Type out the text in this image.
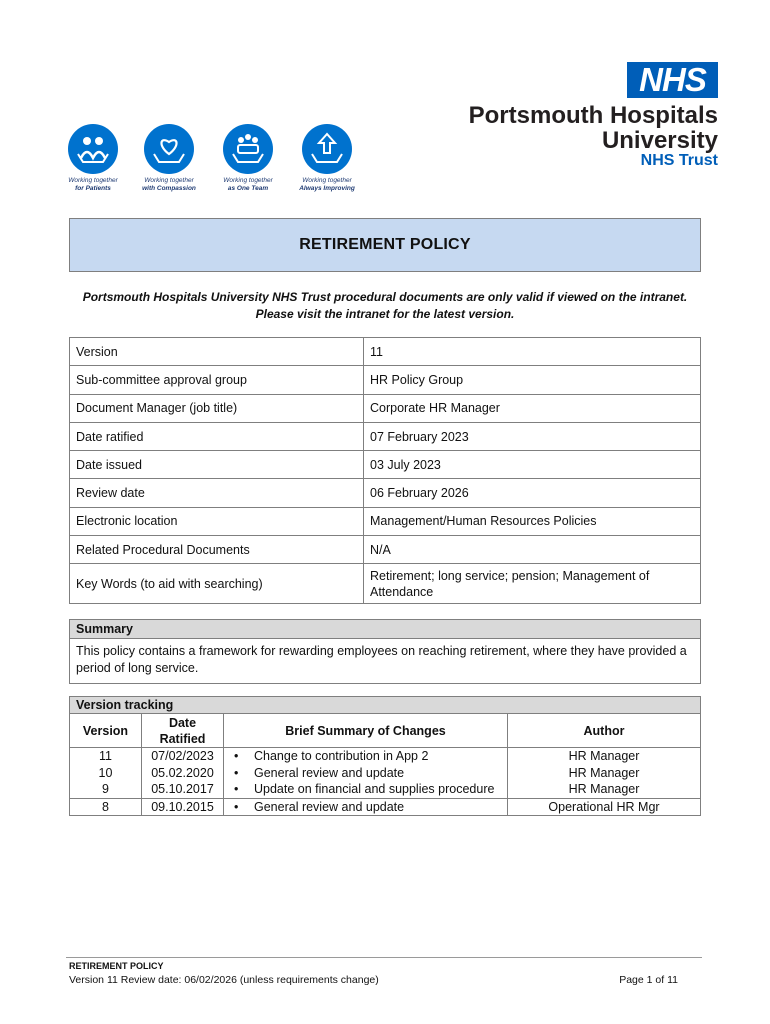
NHS
Portsmouth Hospitals
University
NHS Trust
Working together
for Patients
Working together
with Compassion
Working together
as One Team
Working together
Always Improving
RETIREMENT POLICY
Portsmouth Hospitals University NHS Trust procedural documents are only valid if viewed on the intranet.
Please visit the intranet for the latest version.
Version	11
Sub-committee approval group	HR Policy Group
Document Manager (job title)	Corporate HR Manager
Date ratified	07 February 2023
Date issued	03 July 2023
Review date	06 February 2026
Electronic location	Management/Human Resources Policies
Related Procedural Documents	N/A
Key Words (to aid with searching)	Retirement; long service; pension; Management of Attendance
Summary
This policy contains a framework for rewarding employees on reaching retirement, where they have provided a period of long service.
Version tracking			
Version	Date Ratified	Brief Summary of Changes	Author
11	07/02/2023	• Change to contribution in App 2	HR Manager
10	05.02.2020	• General review and update	HR Manager
9	05.10.2017	• Update on financial and supplies procedure	HR Manager
8	09.10.2015	• General review and update	Operational HR Mgr
RETIREMENT POLICY
Version 11 Review date: 06/02/2026 (unless requirements change)	Page 1 of 11
